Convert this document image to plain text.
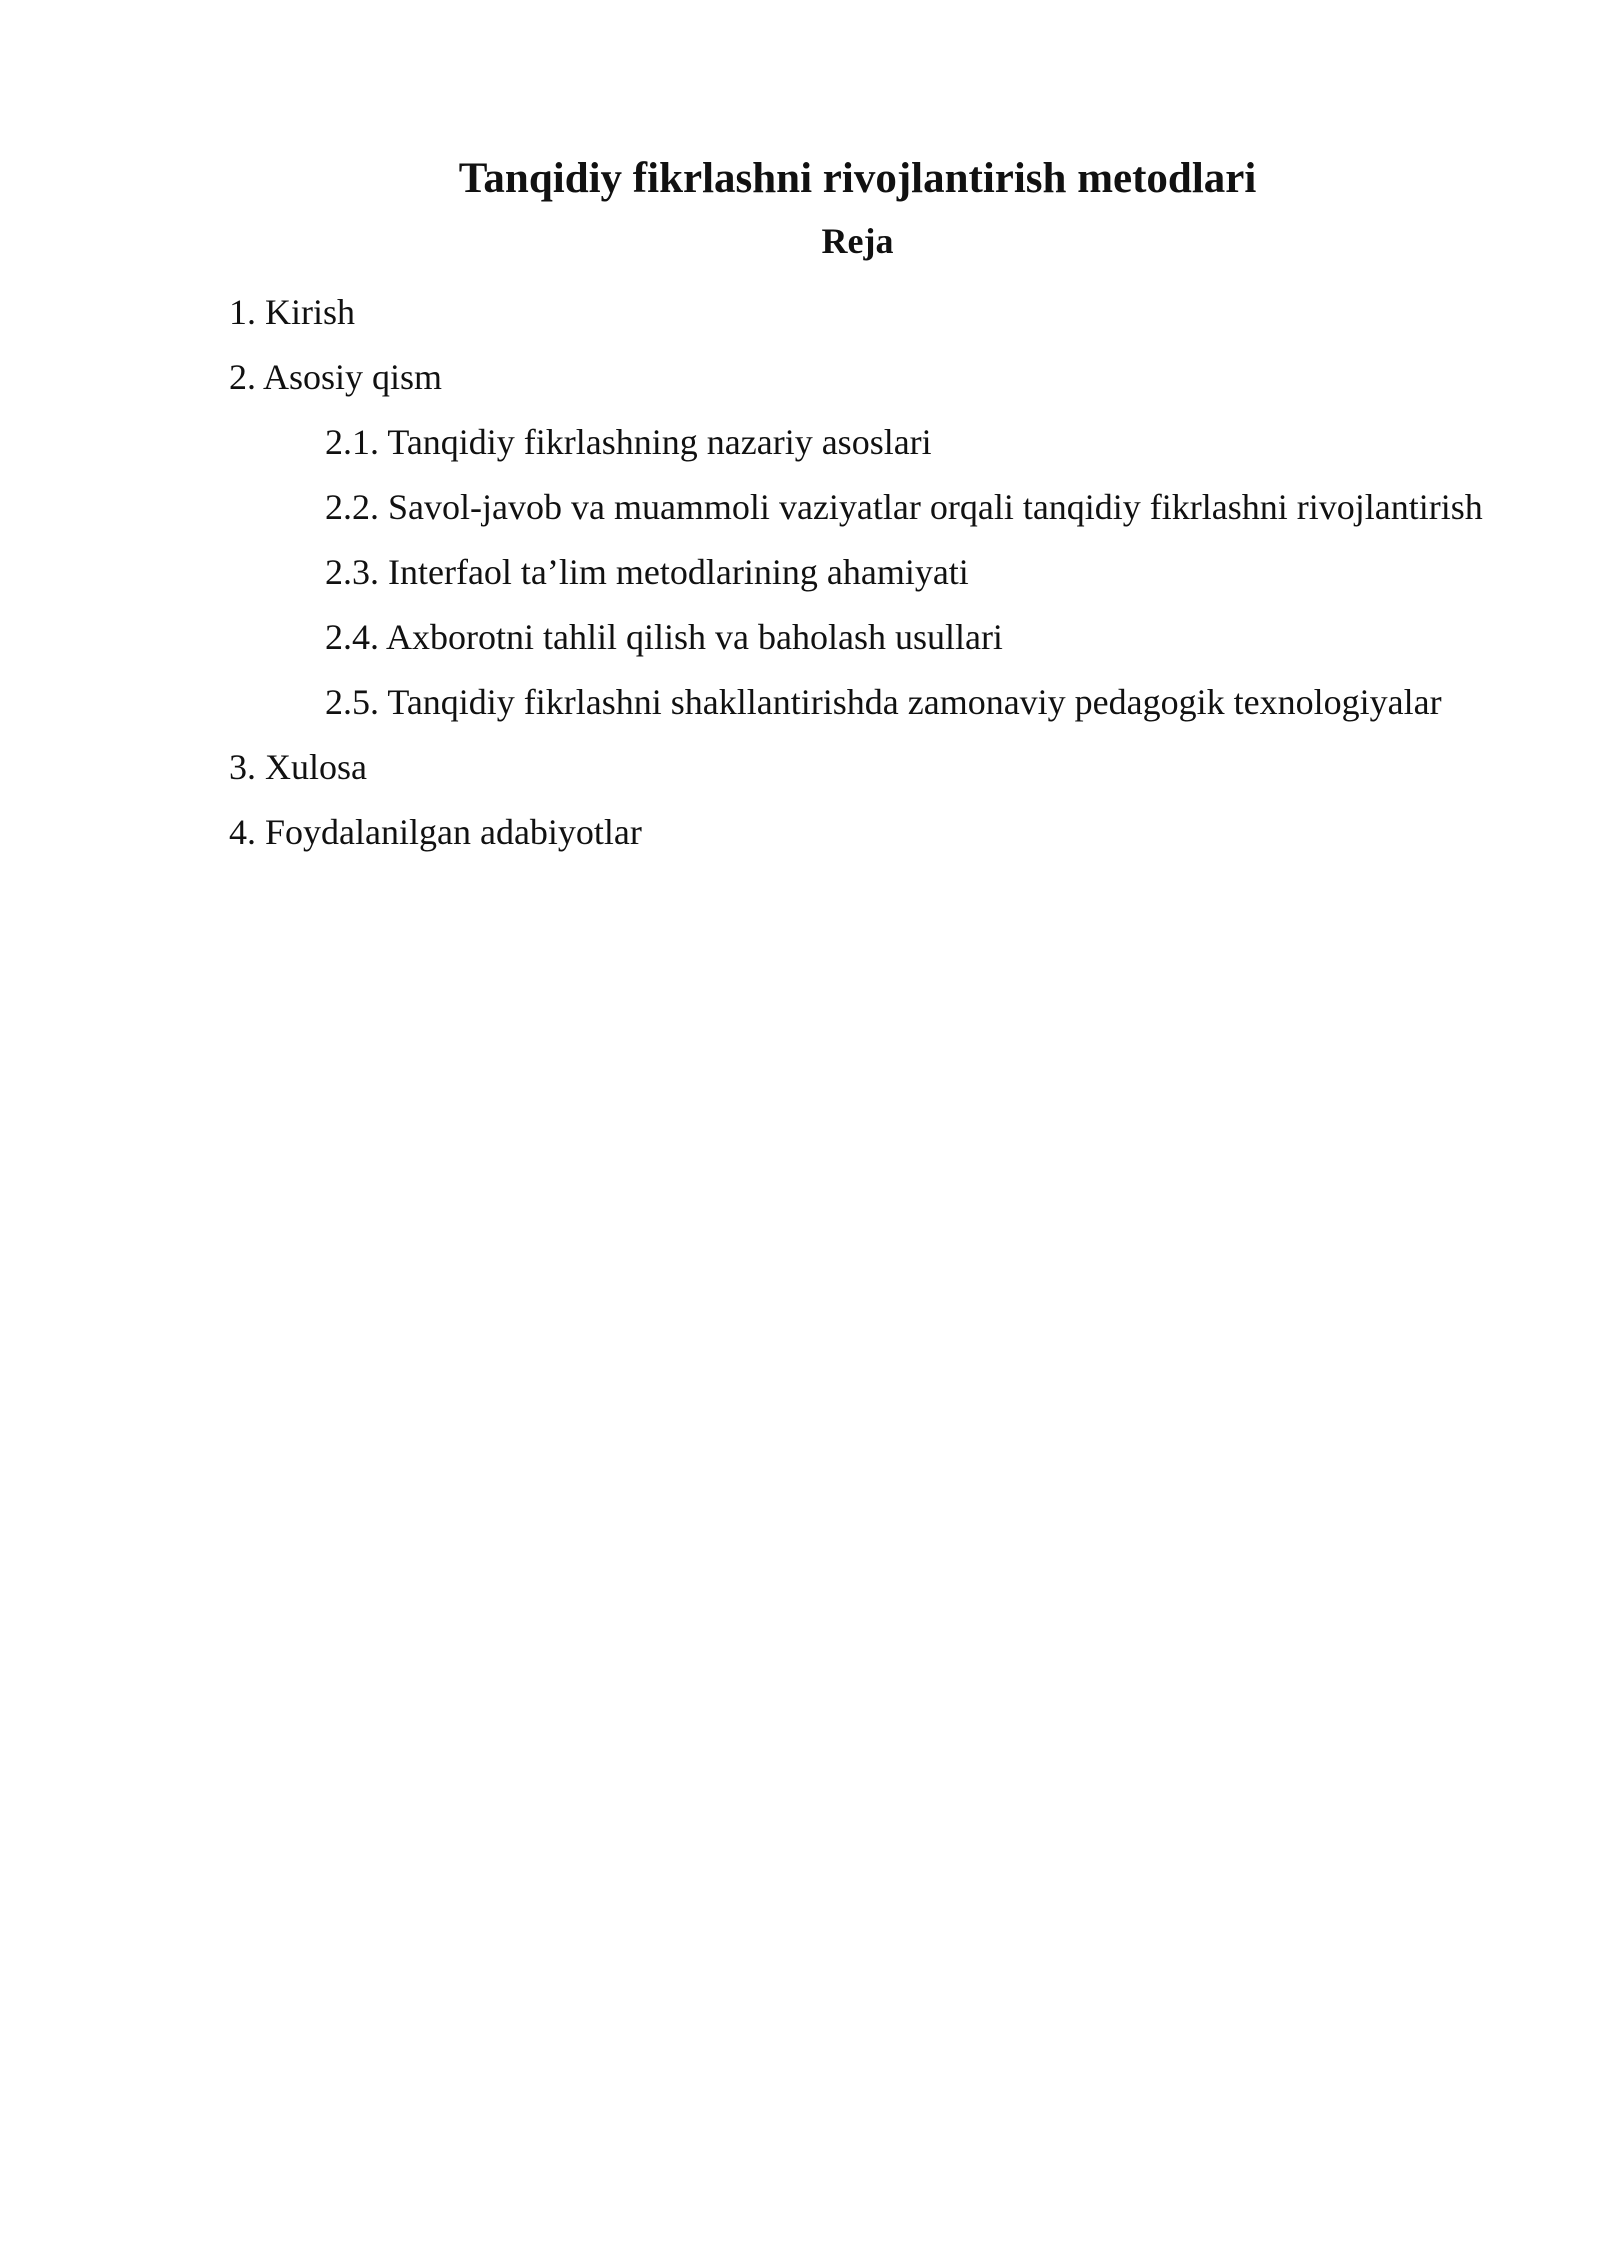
Tanqidiy fikrlashni rivojlantirish metodlari
Reja
1. Kirish
2. Asosiy qism
2.1. Tanqidiy fikrlashning nazariy asoslari
2.2. Savol-javob va muammoli vaziyatlar orqali tanqidiy fikrlashni rivojlantirish
2.3. Interfaol ta’lim metodlarining ahamiyati
2.4. Axborotni tahlil qilish va baholash usullari
2.5. Tanqidiy fikrlashni shakllantirishda zamonaviy pedagogik texnologiyalar
3. Xulosa
4. Foydalanilgan adabiyotlar
